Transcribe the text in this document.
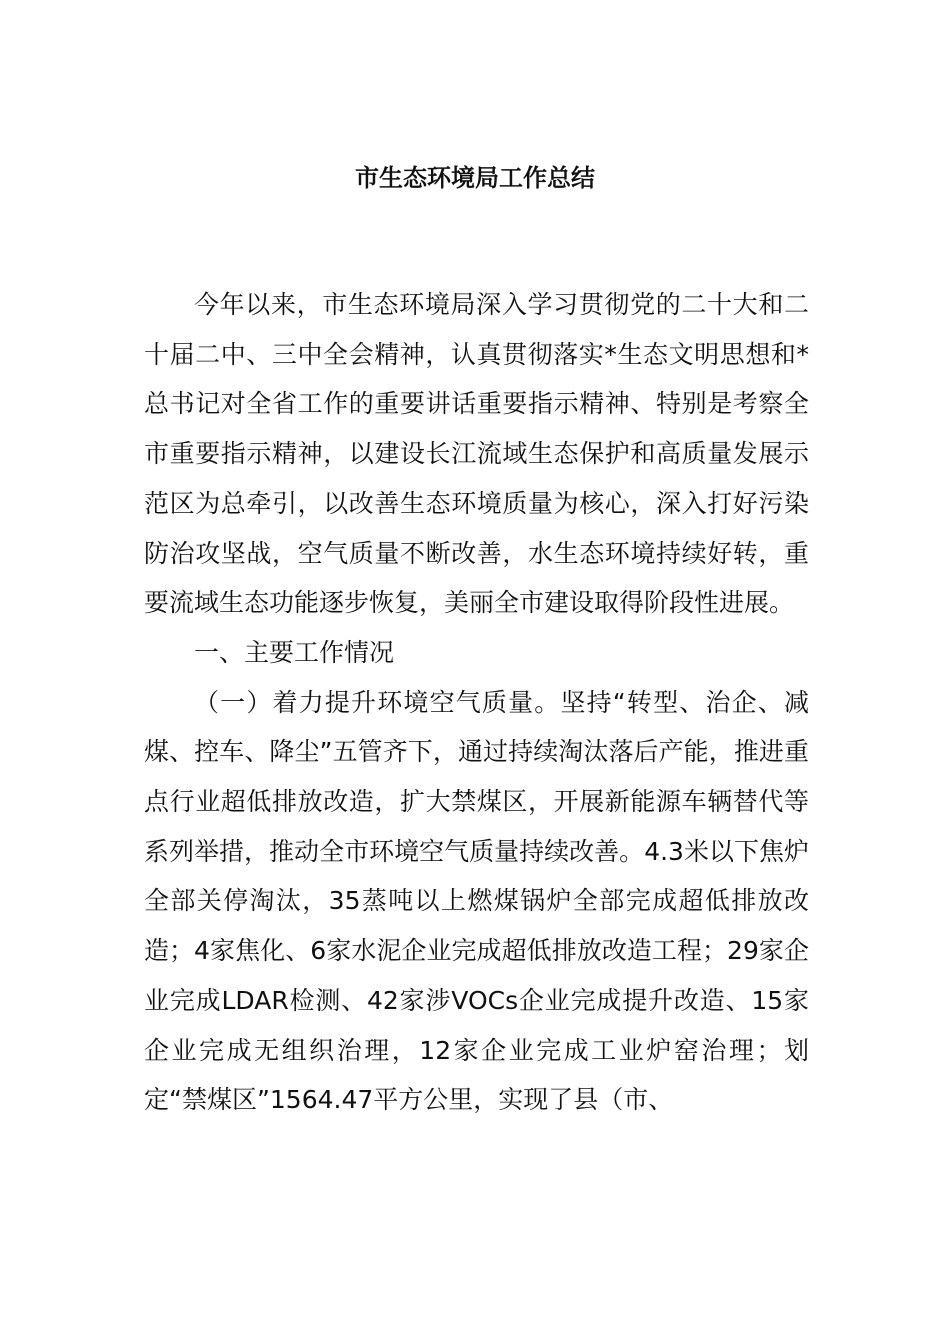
市生态环境局工作总结

今年以来，市生态环境局深入学习贯彻党的二十大和二十届二中、三中全会精神，认真贯彻落实*生态文明思想和*总书记对全省工作的重要讲话重要指示精神、特别是考察全市重要指示精神，以建设长江流域生态保护和高质量发展示范区为总牵引，以改善生态环境质量为核心，深入打好污染防治攻坚战，空气质量不断改善，水生态环境持续好转，重要流域生态功能逐步恢复，美丽全市建设取得阶段性进展。

一、主要工作情况

（一）着力提升环境空气质量。坚持“转型、治企、减煤、控车、降尘”五管齐下，通过持续淘汰落后产能，推进重点行业超低排放改造，扩大禁煤区，开展新能源车辆替代等系列举措，推动全市环境空气质量持续改善。4.3米以下焦炉全部关停淘汰，35蒸吨以上燃煤锅炉全部完成超低排放改造；4家焦化、6家水泥企业完成超低排放改造工程；29家企业完成LDAR检测、42家涉VOCs企业完成提升改造、15家企业完成无组织治理，12家企业完成工业炉窑治理；划定“禁煤区”1564.47平方公里，实现了县（市、
